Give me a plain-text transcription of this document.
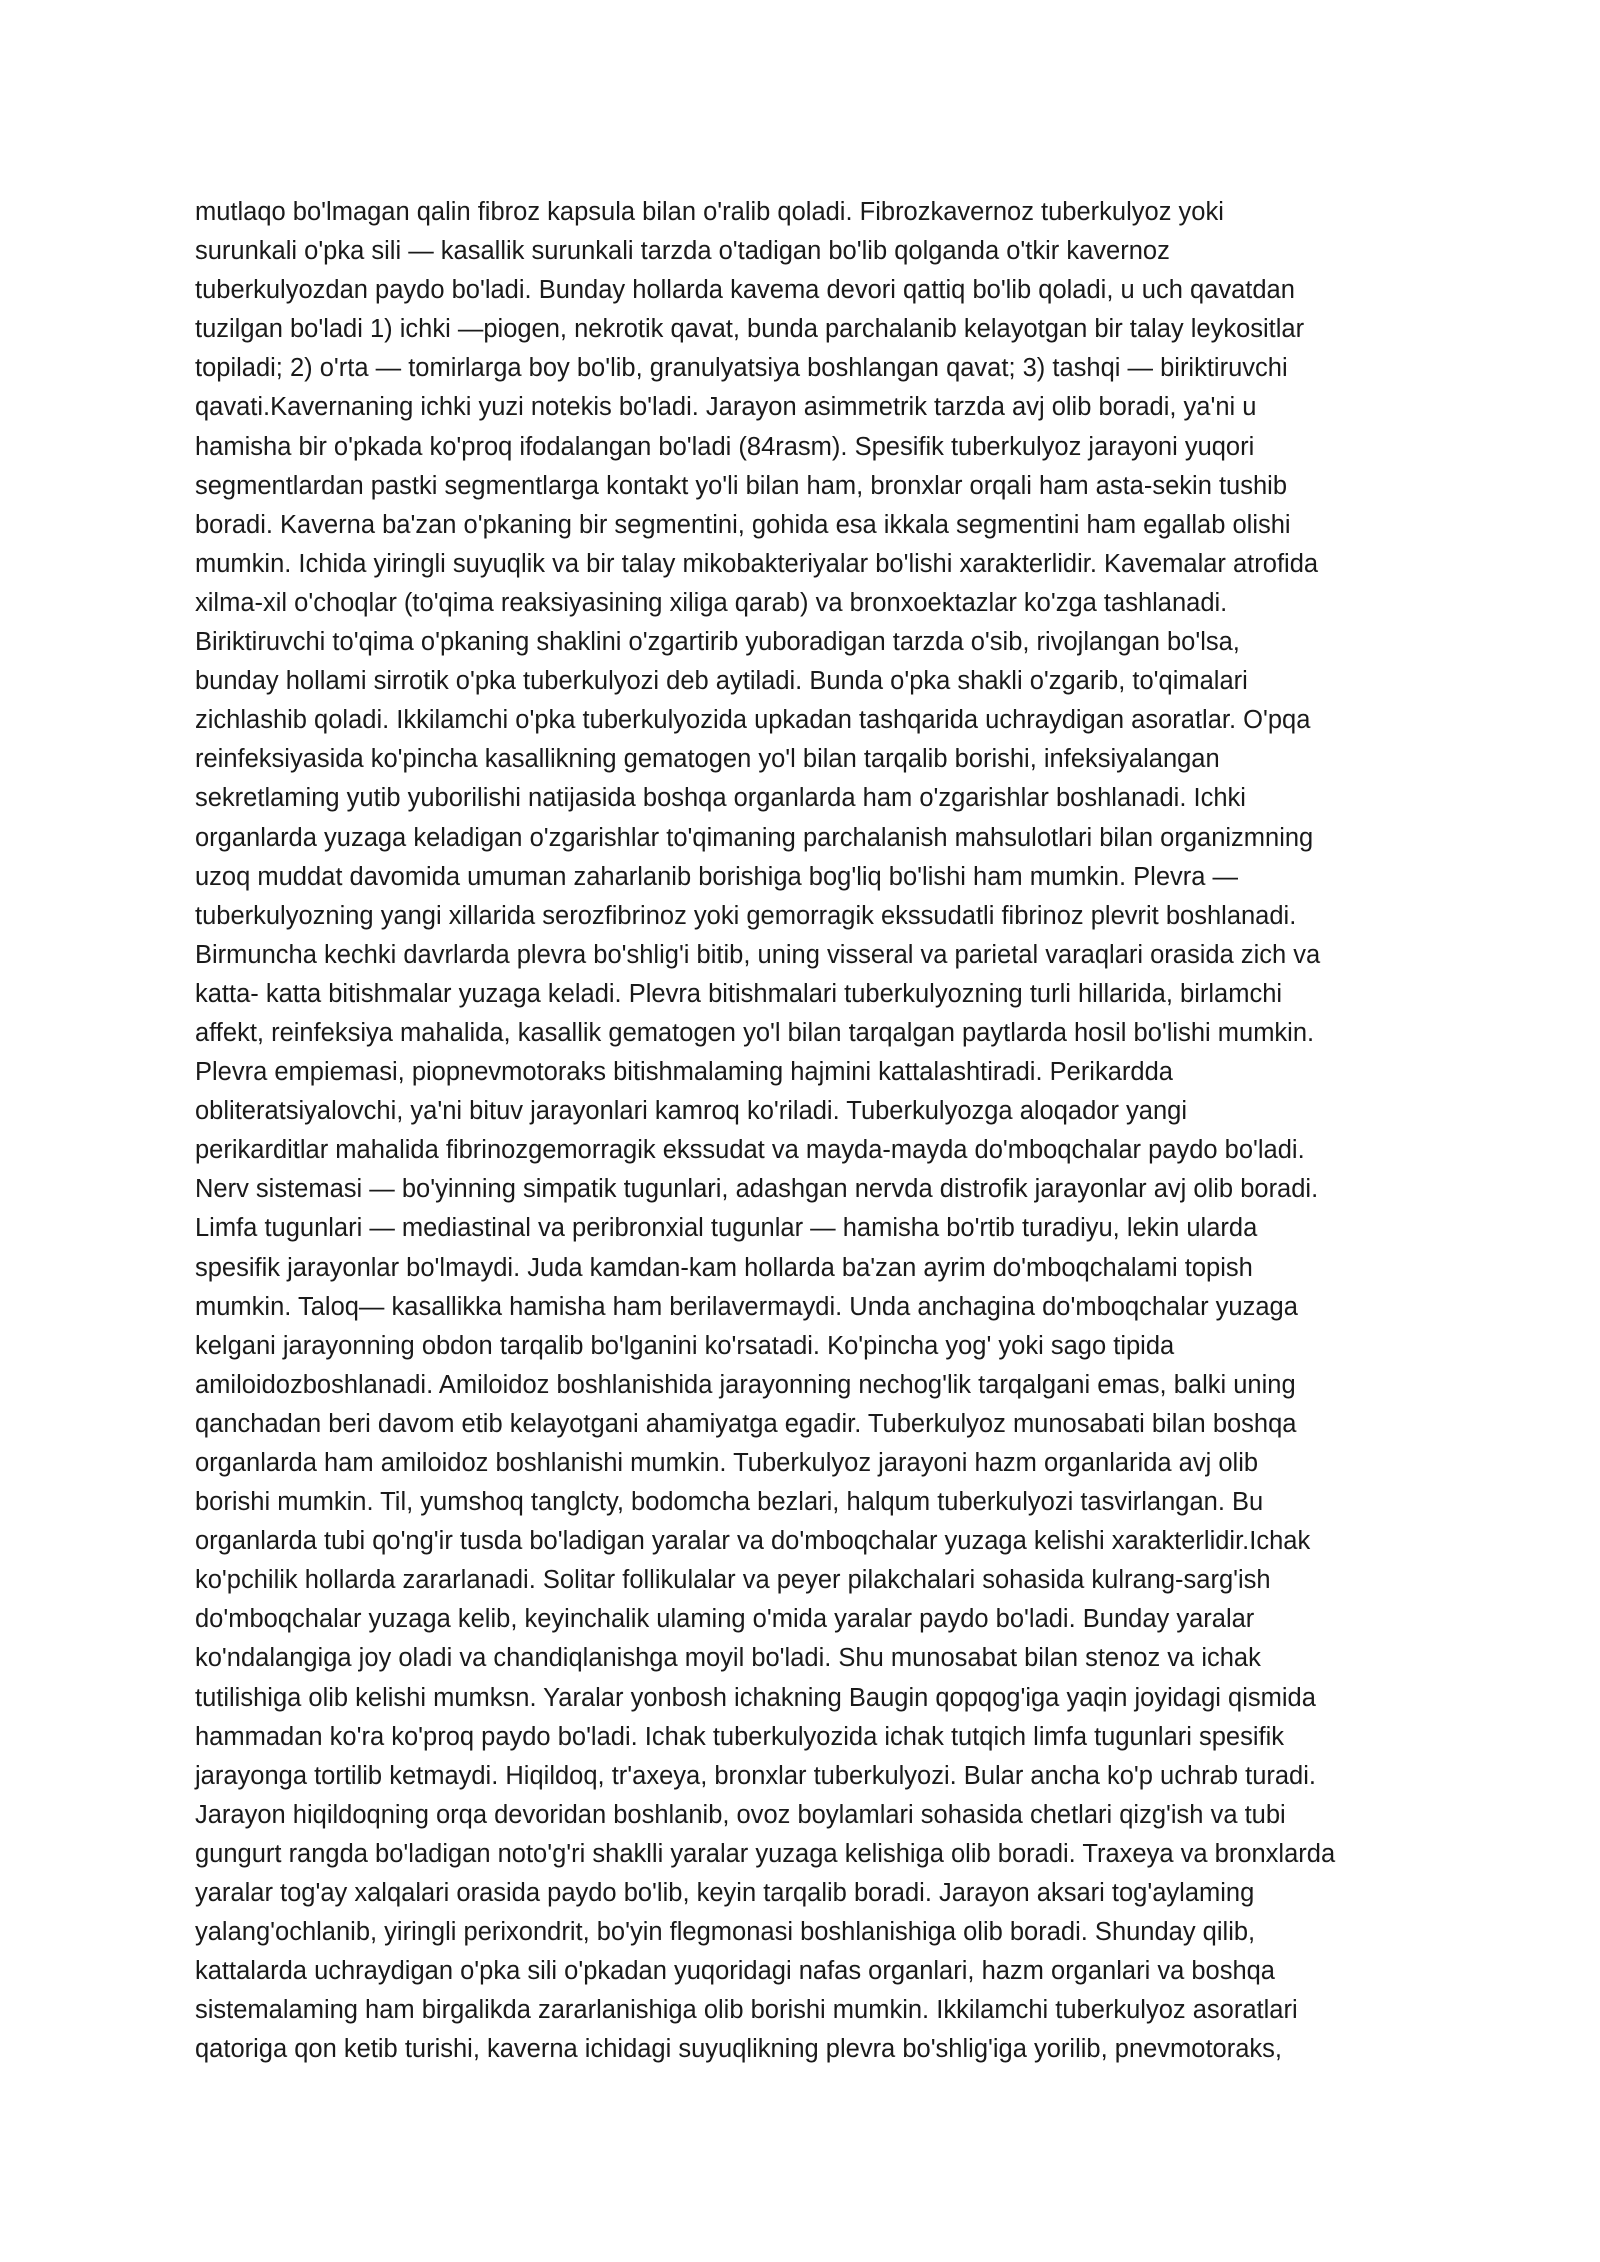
mutlaqo bo'lmagan qalin fibroz kapsula bilan o'ralib qoladi. Fibrozkavernoz tuberkulyoz yoki
surunkali o'pka sili — kasallik surunkali tarzda o'tadigan bo'lib qolganda o'tkir kavernoz
tuberkulyozdan paydo bo'ladi. Bunday hollarda kavema devori qattiq bo'lib qoladi, u uch qavatdan
tuzilgan bo'ladi 1) ichki —piogen, nekrotik qavat, bunda parchalanib kelayotgan bir talay leykositlar
topiladi; 2) o'rta — tomirlarga boy bo'lib, granulyatsiya boshlangan qavat; 3) tashqi — biriktiruvchi
qavati.Kavernaning ichki yuzi notekis bo'ladi. Jarayon asimmetrik tarzda avj olib boradi, ya'ni u
hamisha bir o'pkada ko'proq ifodalangan bo'ladi (84rasm). Spesifik tuberkulyoz jarayoni yuqori
segmentlardan pastki segmentlarga kontakt yo'li bilan ham, bronxlar orqali ham asta-sekin tushib
boradi. Kaverna ba'zan o'pkaning bir segmentini, gohida esa ikkala segmentini ham egallab olishi
mumkin. Ichida yiringli suyuqlik va bir talay mikobakteriyalar bo'lishi xarakterlidir. Kavemalar atrofida
xilma-xil o'choqlar (to'qima reaksiyasining xiliga qarab) va bronxoektazlar ko'zga tashlanadi.
Biriktiruvchi to'qima o'pkaning shaklini o'zgartirib yuboradigan tarzda o'sib, rivojlangan bo'lsa,
bunday hollami sirrotik o'pka tuberkulyozi deb aytiladi. Bunda o'pka shakli o'zgarib, to'qimalari
zichlashib qoladi. Ikkilamchi o'pka tuberkulyozida upkadan tashqarida uchraydigan asoratlar. O'pqa
reinfeksiyasida ko'pincha kasallikning gematogen yo'l bilan tarqalib borishi, infeksiyalangan
sekretlaming yutib yuborilishi natijasida boshqa organlarda ham o'zgarishlar boshlanadi. Ichki
organlarda yuzaga keladigan o'zgarishlar to'qimaning parchalanish mahsulotlari bilan organizmning
uzoq muddat davomida umuman zaharlanib borishiga bog'liq bo'lishi ham mumkin. Plevra —
tuberkulyozning yangi xillarida serozfibrinoz yoki gemorragik ekssudatli fibrinoz plevrit boshlanadi.
Birmuncha kechki davrlarda plevra bo'shlig'i bitib, uning visseral va parietal varaqlari orasida zich va
katta- katta bitishmalar yuzaga keladi. Plevra bitishmalari tuberkulyozning turli hillarida, birlamchi
affekt, reinfeksiya mahalida, kasallik gematogen yo'l bilan tarqalgan paytlarda hosil bo'lishi mumkin.
Plevra empiemasi, piopnevmotoraks bitishmalaming hajmini kattalashtiradi. Perikardda
obliteratsiyalovchi, ya'ni bituv jarayonlari kamroq ko'riladi. Tuberkulyozga aloqador yangi
perikarditlar mahalida fibrinozgemorragik ekssudat va mayda-mayda do'mboqchalar paydo bo'ladi.
Nerv sistemasi — bo'yinning simpatik tugunlari, adashgan nervda distrofik jarayonlar avj olib boradi.
Limfa tugunlari — mediastinal va peribronxial tugunlar — hamisha bo'rtib turadiyu, lekin ularda
spesifik jarayonlar bo'lmaydi. Juda kamdan-kam hollarda ba'zan ayrim do'mboqchalami topish
mumkin. Taloq— kasallikka hamisha ham berilavermaydi. Unda anchagina do'mboqchalar yuzaga
kelgani jarayonning obdon tarqalib bo'lganini ko'rsatadi. Ko'pincha yog' yoki sago tipida
amiloidozboshlanadi. Amiloidoz boshlanishida jarayonning nechog'lik tarqalgani emas, balki uning
qanchadan beri davom etib kelayotgani ahamiyatga egadir. Tuberkulyoz munosabati bilan boshqa
organlarda ham amiloidoz boshlanishi mumkin. Tuberkulyoz jarayoni hazm organlarida avj olib
borishi mumkin. Til, yumshoq tanglcty, bodomcha bezlari, halqum tuberkulyozi tasvirlangan. Bu
organlarda tubi qo'ng'ir tusda bo'ladigan yaralar va do'mboqchalar yuzaga kelishi xarakterlidir.Ichak
ko'pchilik hollarda zararlanadi. Solitar follikulalar va peyer pilakchalari sohasida kulrang-sarg'ish
do'mboqchalar yuzaga kelib, keyinchalik ulaming o'mida yaralar paydo bo'ladi. Bunday yaralar
ko'ndalangiga joy oladi va chandiqlanishga moyil bo'ladi. Shu munosabat bilan stenoz va ichak
tutilishiga olib kelishi mumksn. Yaralar yonbosh ichakning Baugin qopqog'iga yaqin joyidagi qismida
hammadan ko'ra ko'proq paydo bo'ladi. Ichak tuberkulyozida ichak tutqich limfa tugunlari spesifik
jarayonga tortilib ketmaydi. Hiqildoq, tr'axeya, bronxlar tuberkulyozi. Bular ancha ko'p uchrab turadi.
Jarayon hiqildoqning orqa devoridan boshlanib, ovoz boylamlari sohasida chetlari qizg'ish va tubi
gungurt rangda bo'ladigan noto'g'ri shaklli yaralar yuzaga kelishiga olib boradi. Traxeya va bronxlarda
yaralar tog'ay xalqalari orasida paydo bo'lib, keyin tarqalib boradi. Jarayon aksari tog'aylaming
yalang'ochlanib, yiringli perixondrit, bo'yin flegmonasi boshlanishiga olib boradi. Shunday qilib,
kattalarda uchraydigan o'pka sili o'pkadan yuqoridagi nafas organlari, hazm organlari va boshqa
sistemalaming ham birgalikda zararlanishiga olib borishi mumkin. Ikkilamchi tuberkulyoz asoratlari
qatoriga qon ketib turishi, kaverna ichidagi suyuqlikning plevra bo'shlig'iga yorilib, pnevmotoraks,
